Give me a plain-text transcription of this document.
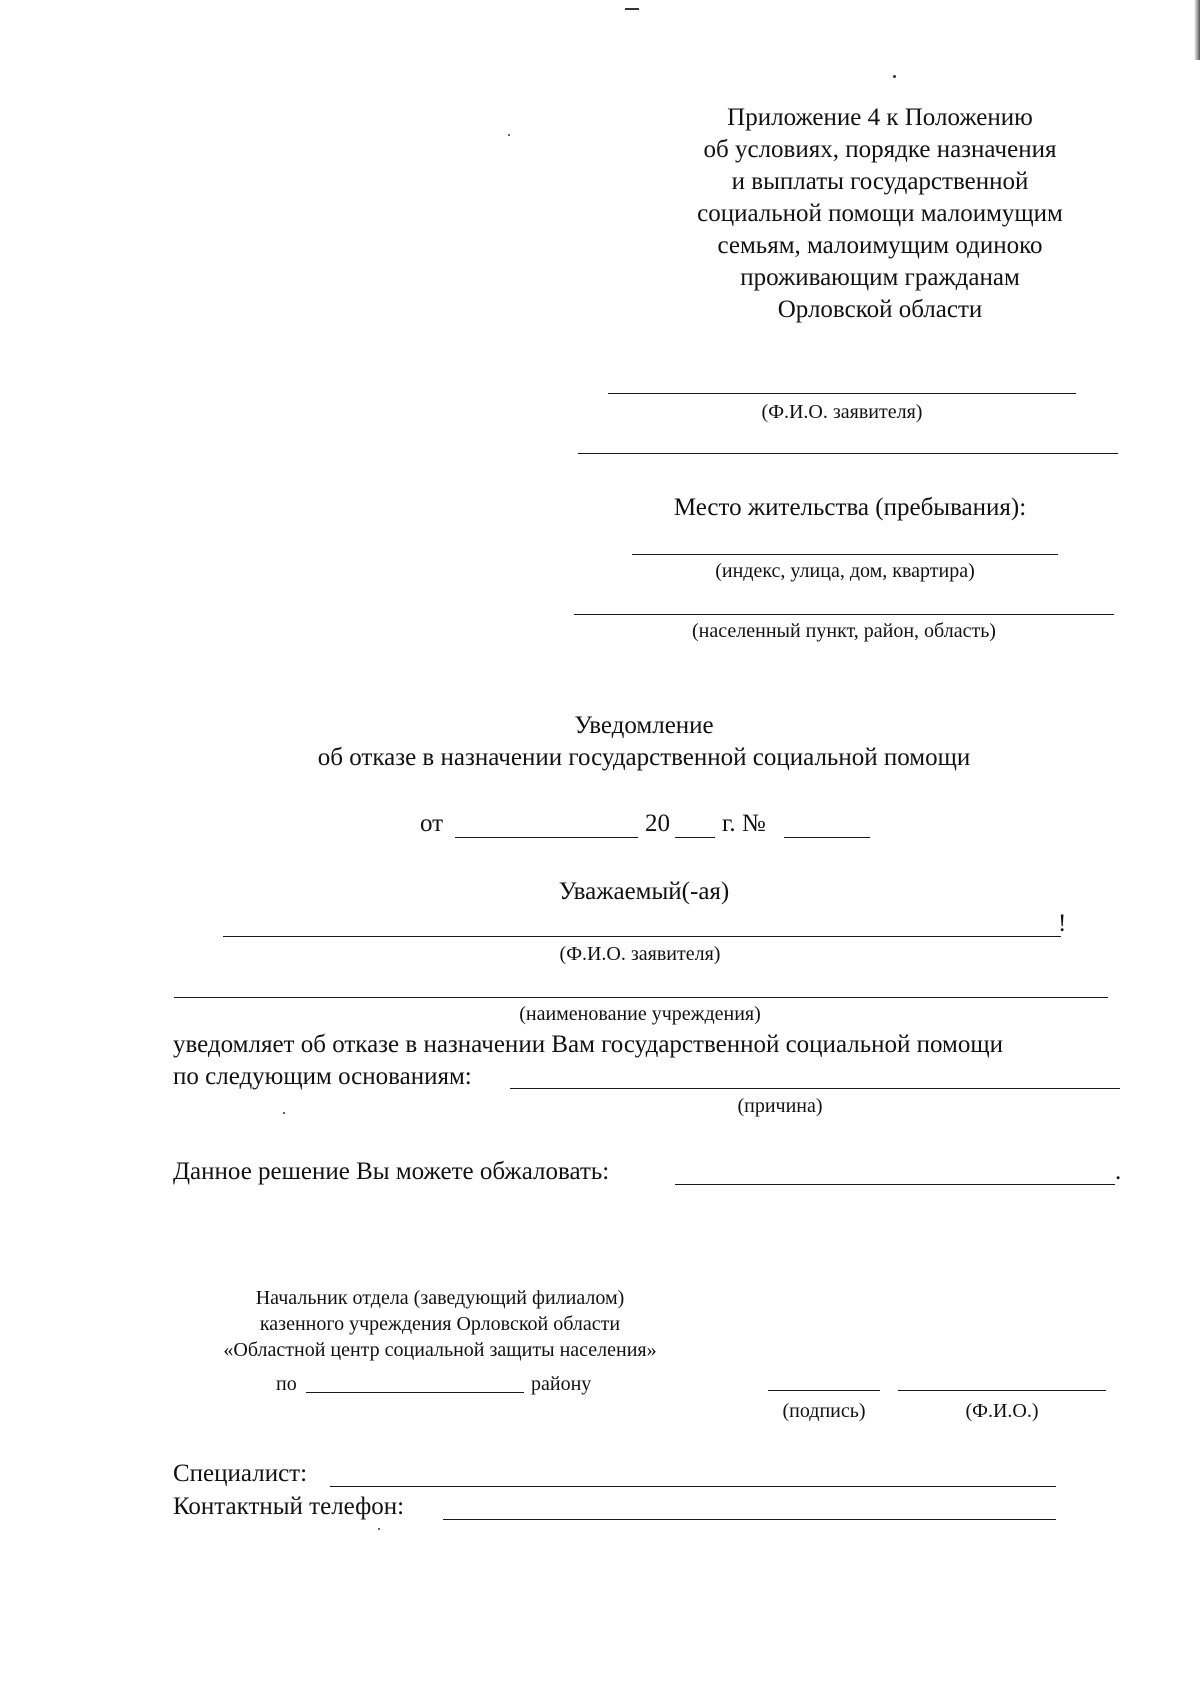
Приложение 4 к Положению
об условиях, порядке назначения
и выплаты государственной
социальной помощи малоимущим
семьям, малоимущим одиноко
проживающим гражданам
Орловской области
(Ф.И.О. заявителя)
Место жительства (пребывания):
(индекс, улица, дом, квартира)
(населенный пункт, район, область)
Уведомление
об отказе в назначении государственной социальной помощи
от	20 г. №
Уважаемый(-ая)
!
(Ф.И.О. заявителя)
(наименование учреждения)
уведомляет об отказе в назначении Вам государственной социальной помощи
по следующим основаниям:
(причина)
Данное решение Вы можете обжаловать:	.
Начальник отдела (заведующий филиалом)
казенного учреждения Орловской области
«Областной центр социальной защиты населения»
по	району
(подпись)	(Ф.И.О.)
Специалист:
Контактный телефон:
